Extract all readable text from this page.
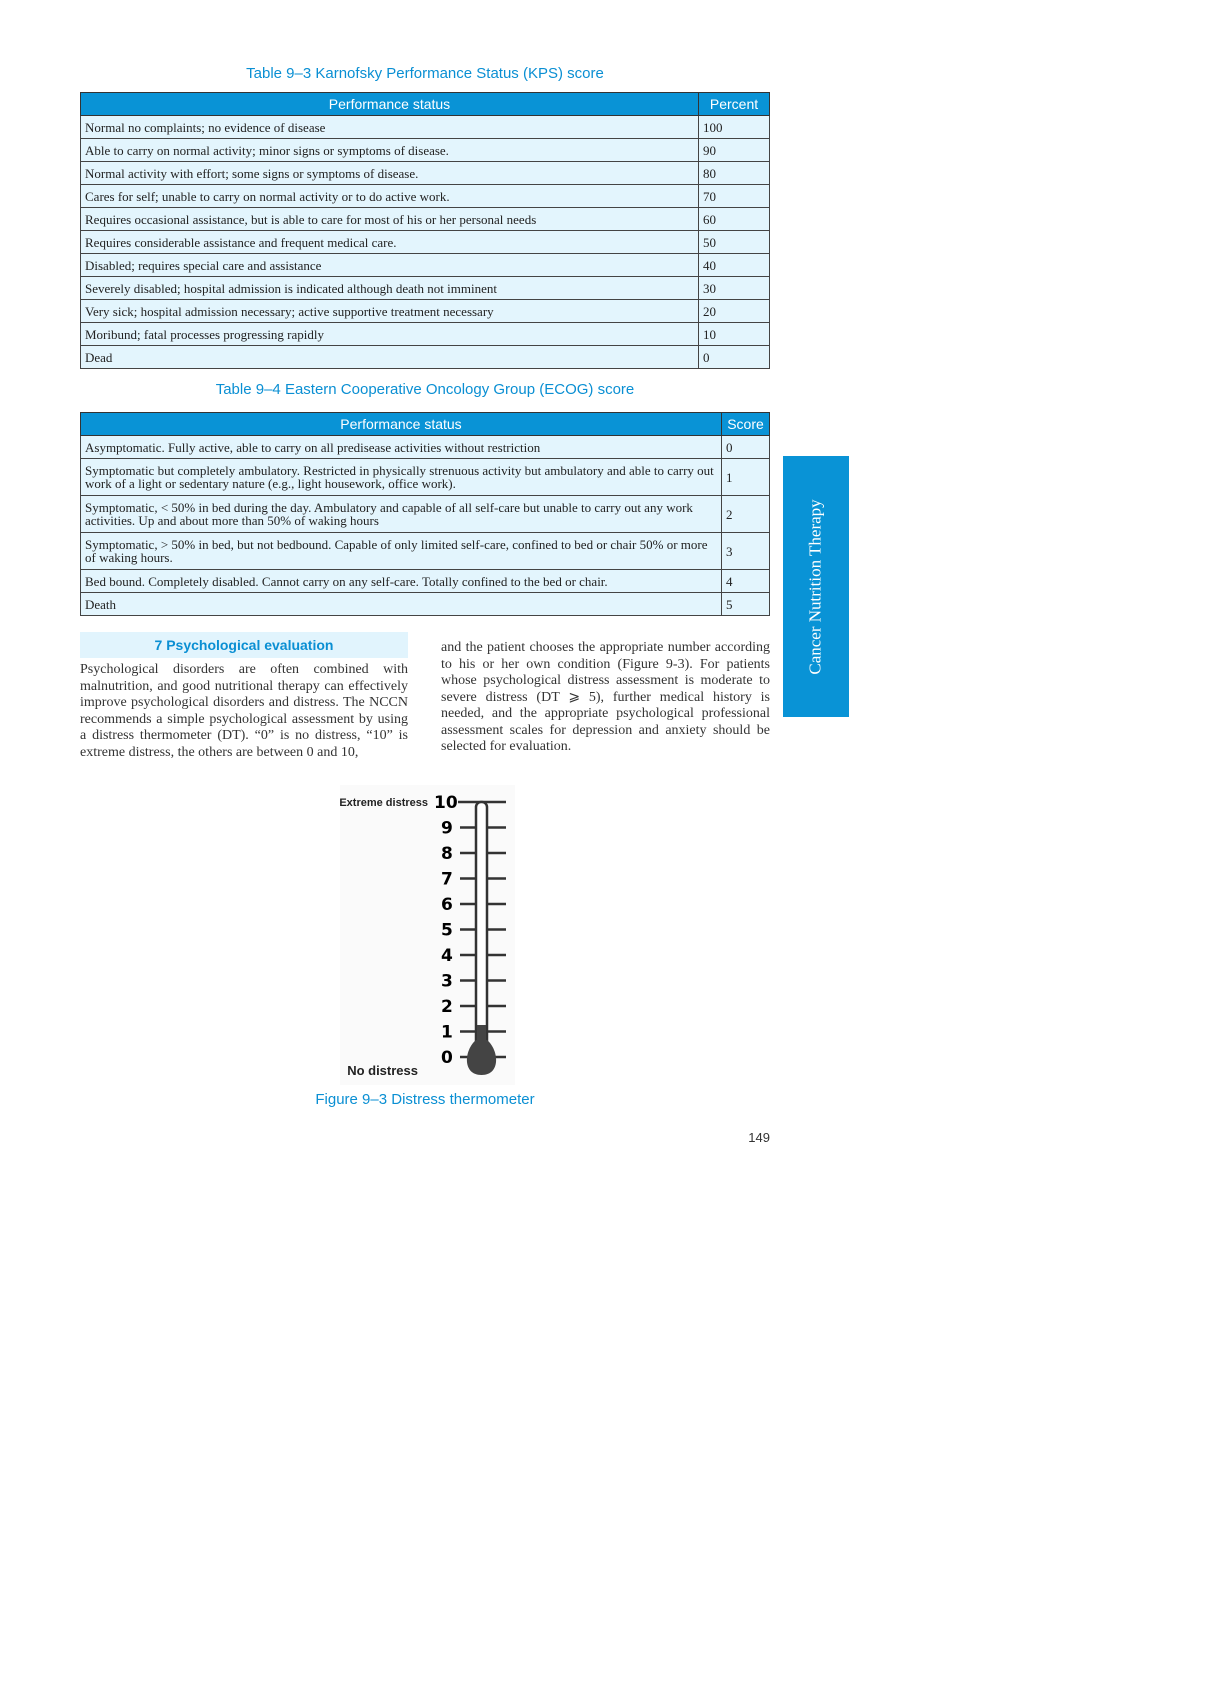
Table 9–3 Karnofsky Performance Status (KPS) score
Performance status	Percent
Normal no complaints; no evidence of disease	100
Able to carry on normal activity; minor signs or symptoms of disease.	90
Normal activity with effort; some signs or symptoms of disease.	80
Cares for self; unable to carry on normal activity or to do active work.	70
Requires occasional assistance, but is able to care for most of his or her personal needs	60
Requires considerable assistance and frequent medical care.	50
Disabled; requires special care and assistance	40
Severely disabled; hospital admission is indicated although death not imminent	30
Very sick; hospital admission necessary; active supportive treatment necessary	20
Moribund; fatal processes progressing rapidly	10
Dead	0
Table 9–4 Eastern Cooperative Oncology Group (ECOG) score
Performance status	Score
Asymptomatic. Fully active, able to carry on all predisease activities without restriction	0
Symptomatic but completely ambulatory. Restricted in physically strenuous activity but ambulatory and able to carry out work of a light or sedentary nature (e.g., light housework, office work).	1
Symptomatic, < 50% in bed during the day. Ambulatory and capable of all self-care but unable to carry out any work activities. Up and about more than 50% of waking hours	2
Symptomatic, > 50% in bed, but not bedbound. Capable of only limited self-care, confined to bed or chair 50% or more of waking hours.	3
Bed bound. Completely disabled. Cannot carry on any self-care. Totally confined to the bed or chair.	4
Death	5
7 Psychological evaluation

Psychological disorders are often combined with malnutrition, and good nutritional therapy can effectively improve psychological disorders and distress. The NCCN recommends a simple psychological assessment by using a distress thermometer (DT). “0” is no distress, “10” is extreme distress, the others are between 0 and 10,

and the patient chooses the appropriate number according to his or her own condition (Figure 9-3). For patients whose psychological distress assessment is moderate to severe distress (DT ⩾ 5), further medical history is needed, and the appropriate psychological professional assessment scales for depression and anxiety should be selected for evaluation.

Cancer Nutrition Therapy
Extreme distress
No distress
10
9
8
7
6
5
4
3
2
1
0
Figure 9–3 Distress thermometer
149
